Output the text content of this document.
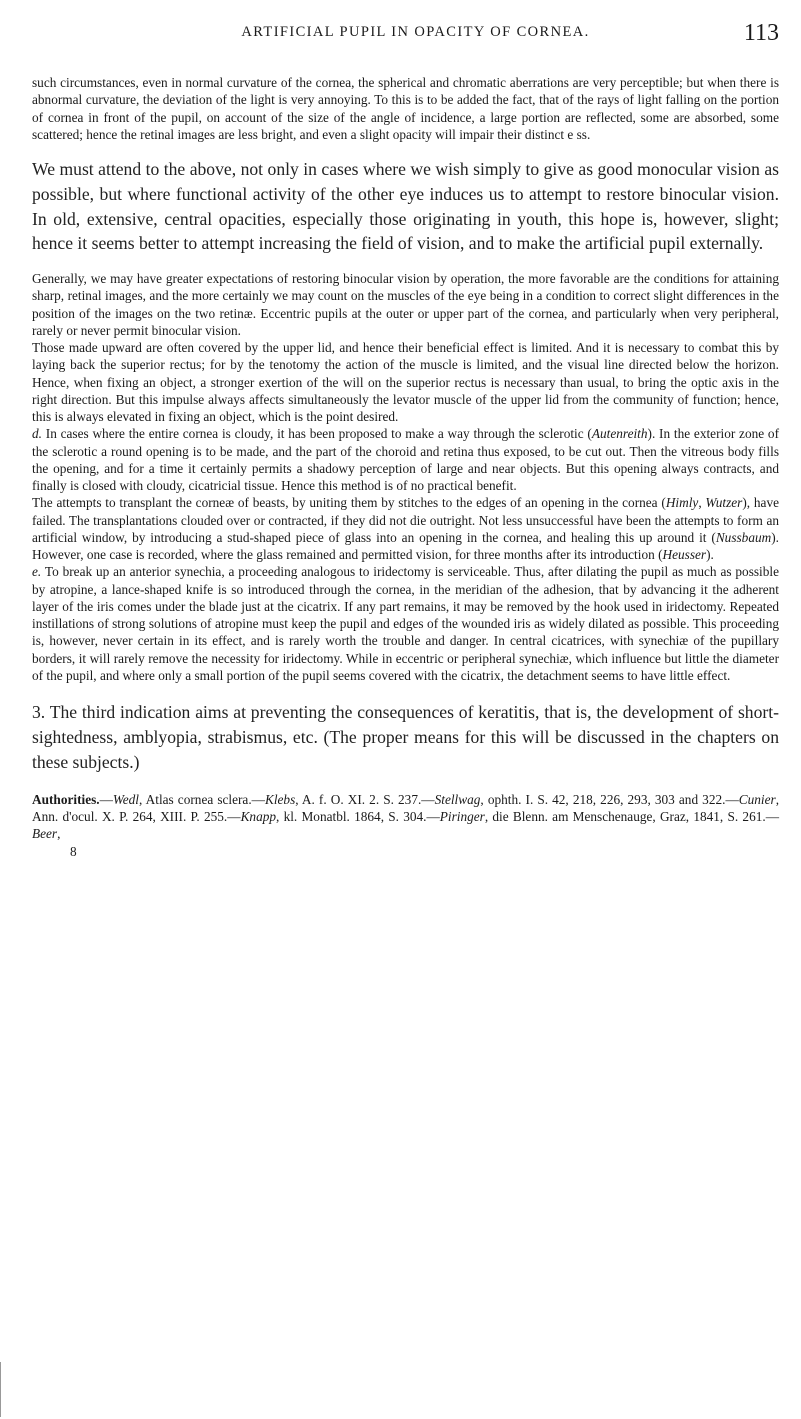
ARTIFICIAL PUPIL IN OPACITY OF CORNEA.	113

such circumstances, even in normal curvature of the cornea, the spherical and chromatic aberrations are very perceptible; but when there is abnormal curvature, the deviation of the light is very annoying. To this is to be added the fact, that of the rays of light falling on the portion of cornea in front of the pupil, on account of the size of the angle of incidence, a large portion are reflected, some are absorbed, some scattered; hence the retinal images are less bright, and even a slight opacity will impair their distinct e ss.

We must attend to the above, not only in cases where we wish simply to give as good monocular vision as possible, but where functional activity of the other eye induces us to attempt to restore binocular vision. In old, extensive, central opacities, especially those originating in youth, this hope is, however, slight; hence it seems better to attempt increasing the field of vision, and to make the artificial pupil externally.

Generally, we may have greater expectations of restoring binocular vision by operation, the more favorable are the conditions for attaining sharp, retinal images, and the more certainly we may count on the muscles of the eye being in a condition to correct slight differences in the position of the images on the two retinæ. Eccentric pupils at the outer or upper part of the cornea, and particularly when very peripheral, rarely or never permit binocular vision.

Those made upward are often covered by the upper lid, and hence their beneficial effect is limited. And it is necessary to combat this by laying back the superior rectus; for by the tenotomy the action of the muscle is limited, and the visual line directed below the horizon. Hence, when fixing an object, a stronger exertion of the will on the superior rectus is necessary than usual, to bring the optic axis in the right direction. But this impulse always affects simultaneously the levator muscle of the upper lid from the community of function; hence, this is always elevated in fixing an object, which is the point desired.

d. In cases where the entire cornea is cloudy, it has been proposed to make a way through the sclerotic (Autenreith). In the exterior zone of the sclerotic a round opening is to be made, and the part of the choroid and retina thus exposed, to be cut out. Then the vitreous body fills the opening, and for a time it certainly permits a shadowy perception of large and near objects. But this opening always contracts, and finally is closed with cloudy, cicatricial tissue. Hence this method is of no practical benefit.

The attempts to transplant the corneæ of beasts, by uniting them by stitches to the edges of an opening in the cornea (Himly, Wutzer), have failed. The transplantations clouded over or contracted, if they did not die outright. Not less unsuccessful have been the attempts to form an artificial window, by introducing a stud-shaped piece of glass into an opening in the cornea, and healing this up around it (Nussbaum). However, one case is recorded, where the glass remained and permitted vision, for three months after its introduction (Heusser).

e. To break up an anterior synechia, a proceeding analogous to iridectomy is serviceable. Thus, after dilating the pupil as much as possible by atropine, a lance-shaped knife is so introduced through the cornea, in the meridian of the adhesion, that by advancing it the adherent layer of the iris comes under the blade just at the cicatrix. If any part remains, it may be removed by the hook used in iridectomy. Repeated instillations of strong solutions of atropine must keep the pupil and edges of the wounded iris as widely dilated as possible. This proceeding is, however, never certain in its effect, and is rarely worth the trouble and danger. In central cicatrices, with synechiæ of the pupillary borders, it will rarely remove the necessity for iridectomy. While in eccentric or peripheral synechiæ, which influence but little the diameter of the pupil, and where only a small portion of the pupil seems covered with the cicatrix, the detachment seems to have little effect.

3. The third indication aims at preventing the consequences of keratitis, that is, the development of short-sightedness, amblyopia, strabismus, etc. (The proper means for this will be discussed in the chapters on these subjects.)

Authorities.—Wedl, Atlas cornea sclera.—Klebs, A. f. O. XI. 2. S. 237.—Stellwag, ophth. I. S. 42, 218, 226, 293, 303 and 322.—Cunier, Ann. d'ocul. X. P. 264, XIII. P. 255.—Knapp, kl. Monatbl. 1864, S. 304.—Piringer, die Blenn. am Menschenauge, Graz, 1841, S. 261.—Beer,

8
